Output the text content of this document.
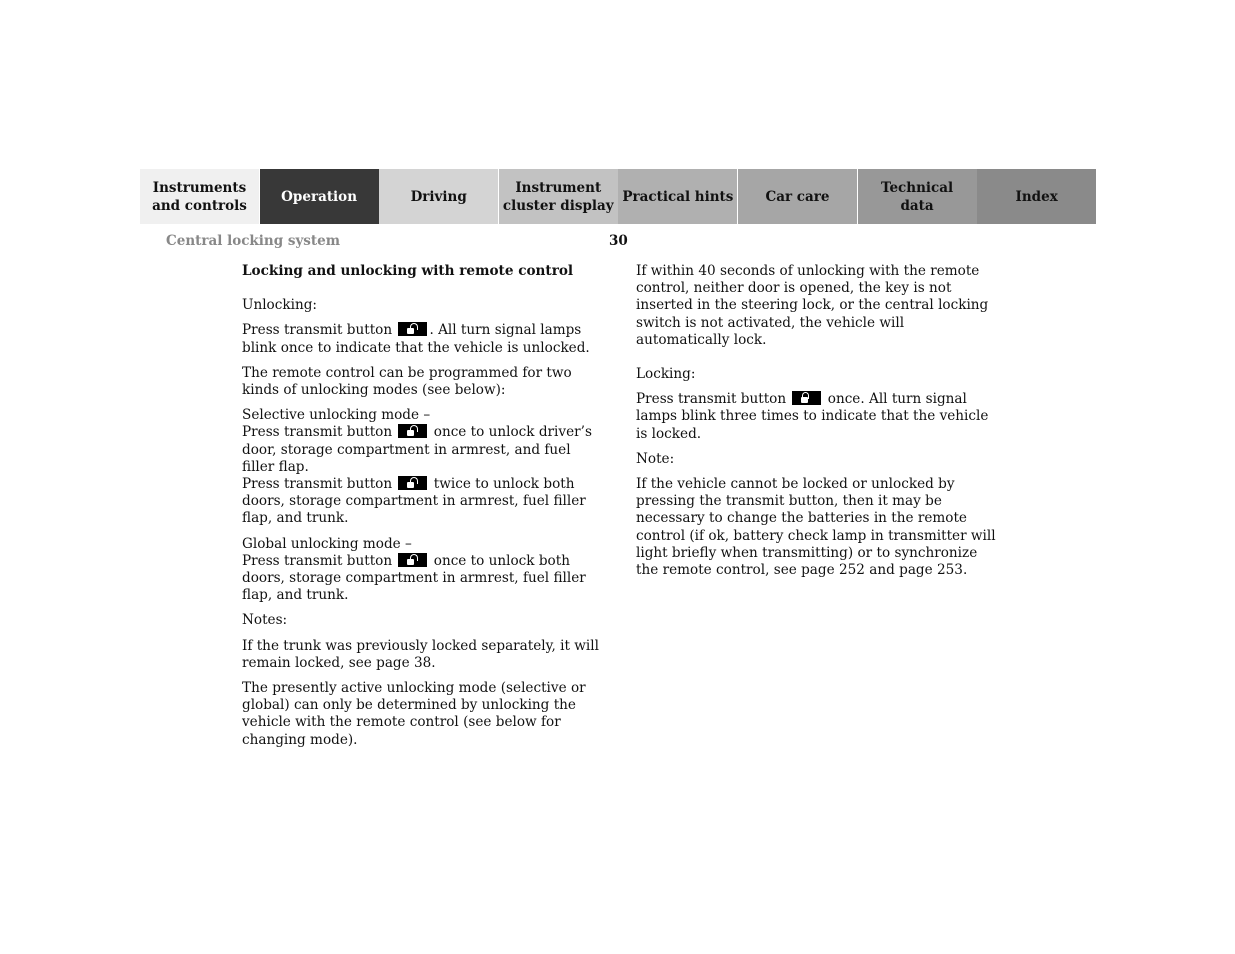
Instruments
and controls
Operation	Driving
Instrument
cluster display
Practical hints	Car care
Technical
data
Index
Central locking system	30

Locking and unlocking with remote control

Unlocking:

Press transmit button . All turn signal lamps blink once to indicate that the vehicle is unlocked.

The remote control can be programmed for two kinds of unlocking modes (see below):

Selective unlocking mode –
Press transmit button  once to unlock driver’s door, storage compartment in armrest, and fuel filler flap.
Press transmit button  twice to unlock both doors, storage compartment in armrest, fuel filler flap, and trunk.

Global unlocking mode –
Press transmit button  once to unlock both doors, storage compartment in armrest, fuel filler flap, and trunk.

Notes:

If the trunk was previously locked separately, it will remain locked, see page 38.

The presently active unlocking mode (selective or global) can only be determined by unlocking the vehicle with the remote control (see below for changing mode).

If within 40 seconds of unlocking with the remote control, neither door is opened, the key is not inserted in the steering lock, or the central locking switch is not activated, the vehicle will automatically lock.

Locking:

Press transmit button  once. All turn signal lamps blink three times to indicate that the vehicle is locked.

Note:

If the vehicle cannot be locked or unlocked by pressing the transmit button, then it may be necessary to change the batteries in the remote control (if ok, battery check lamp in transmitter will light briefly when transmitting) or to synchronize the remote control, see page 252 and page 253.
